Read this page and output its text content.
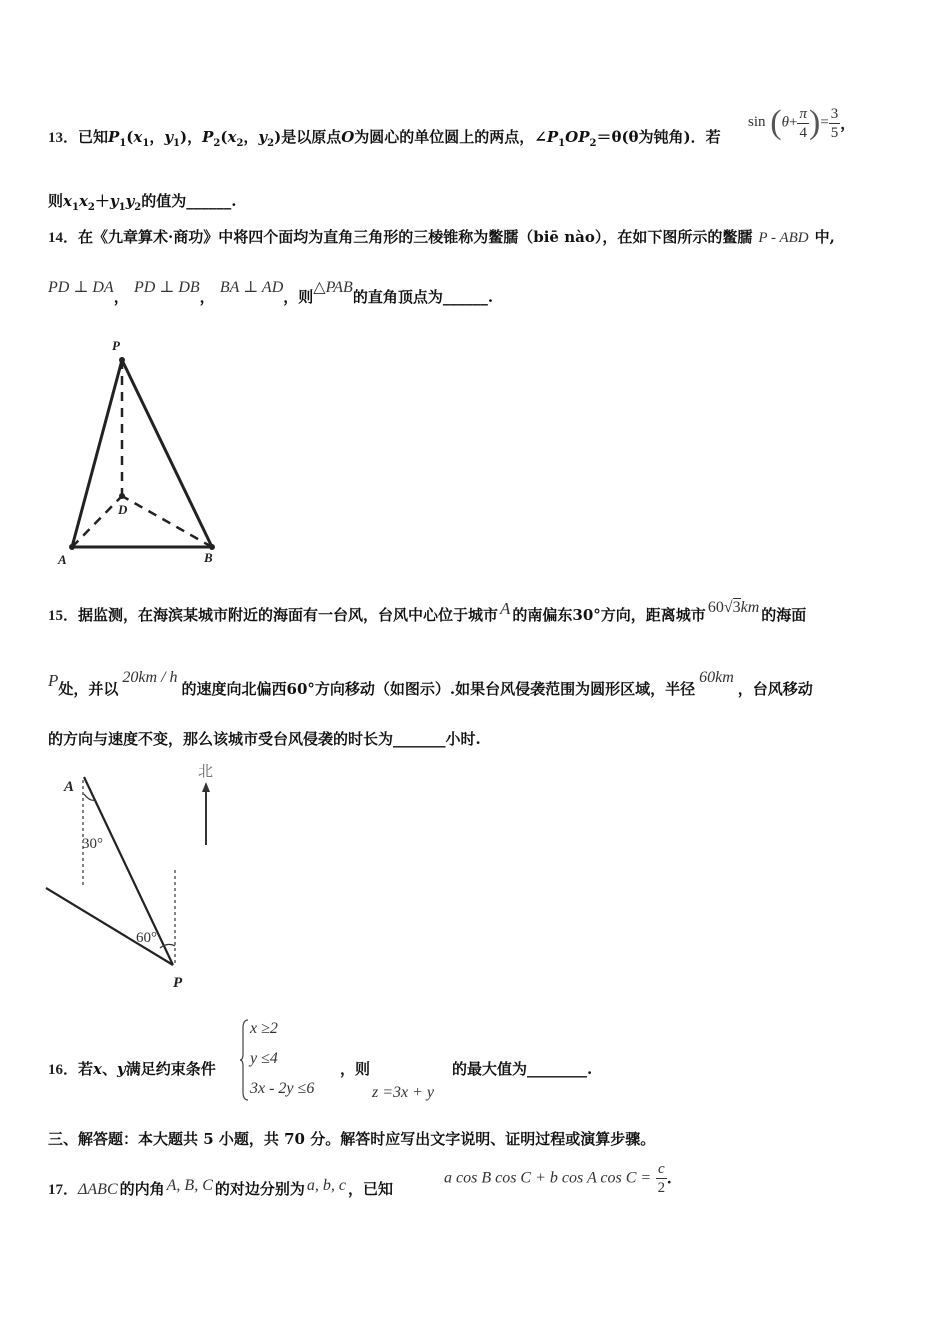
13．已知$P_1(x_1$，$y_1$)，$P_2(x_2$，$y_2$)是以原点O为圆心的单位圆上的两点，$\angle P_1OP_2=\theta(\theta$为钝角)．若
$\sin (\theta+ \frac{\pi}{4}$ )= $\frac{3}{5}$ ，
则$x_1x_2+y_1y_2$的值为______.
14．在《九章算术·商功》中将四个面均为直角三角形的三棱锥称为鳖臑（biē nào），在如下图所示的鳖臑 P - ABD 中,
PD ⊥ DA， PD ⊥ DB， BA ⊥ AD，则△PAB的直角顶点为______.
P
D
A	B
15．据监测，在海滨某城市附近的海面有一台风，台风中心位于城市 A 的南偏东30°方向，距离城市 60√3km 的海面
P处，并以20km / h的速度向北偏西60°方向移动（如图示）.如果台风侵袭范围为圆形区域，半径60km，台风移动
的方向与速度不变，那么该城市受台风侵袭的时长为_______小时.
北
A
30°
60°
P
16．若x、y满足约束条件
x ≥2
y ≤4
3x - 2y ≤6
，则
z =3x + y
的最大值为________.
三、解答题：本大题共 5 小题，共 70 分。解答时应写出文字说明、证明过程或演算步骤。
17．ΔABC 的内角 A, B, C 的对边分别为 a, b, c ，已知
a cos B cos C + b cos A $\cos C = \frac{c}{2}$ .
